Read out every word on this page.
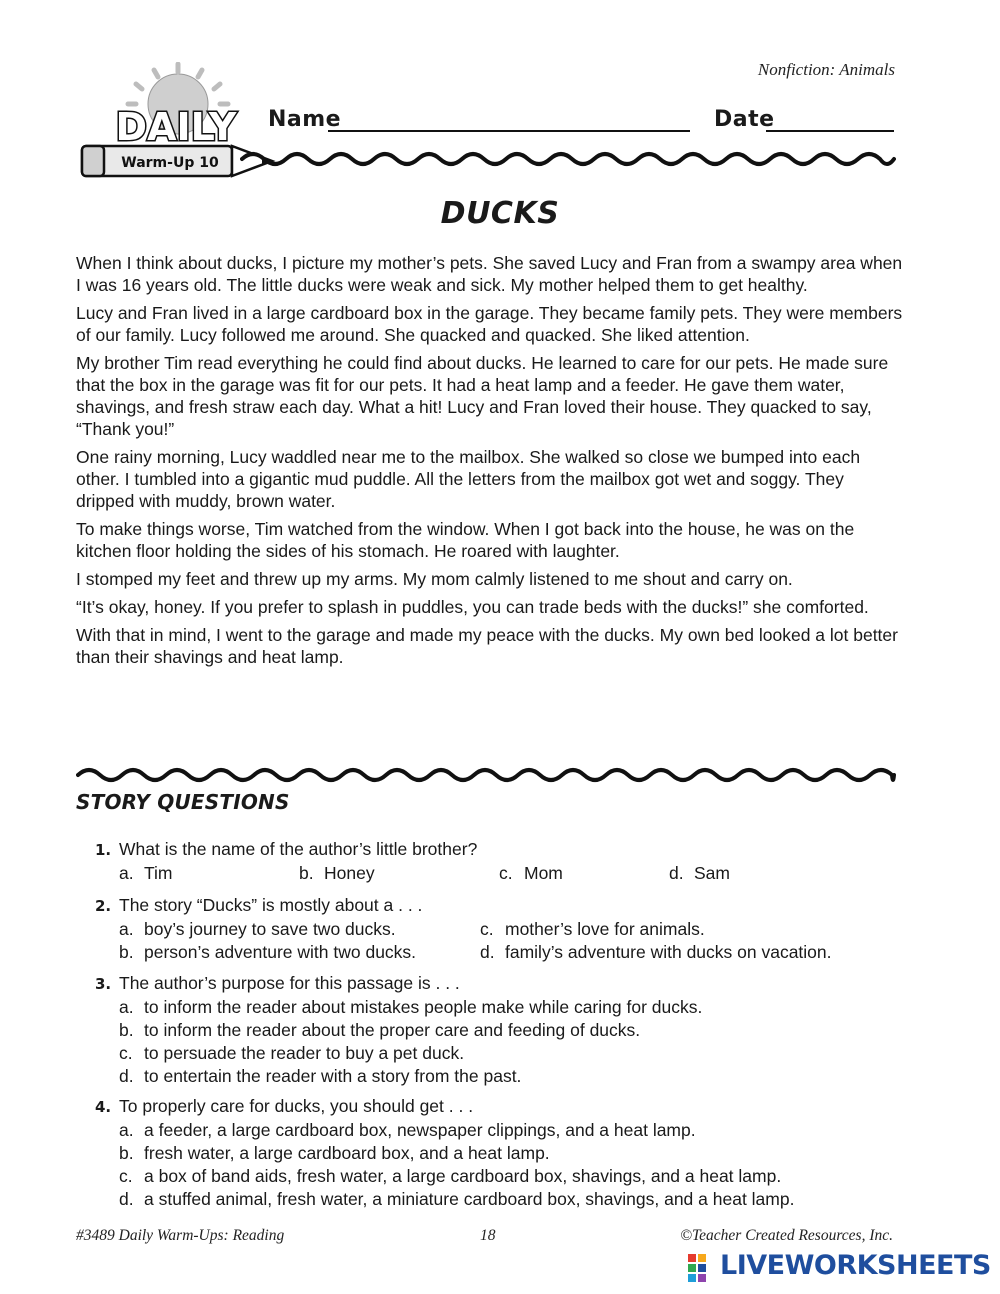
Nonfiction: Animals
DAILY
Warm-Up 10
Name	Date
DUCKS

When I think about ducks, I picture my mother’s pets. She saved Lucy and Fran from a swampy area when I was 16 years old. The little ducks were weak and sick. My mother helped them to get healthy.

Lucy and Fran lived in a large cardboard box in the garage. They became family pets. They were members of our family. Lucy followed me around. She quacked and quacked. She liked attention.

My brother Tim read everything he could find about ducks. He learned to care for our pets. He made sure that the box in the garage was fit for our pets. It had a heat lamp and a feeder. He gave them water, shavings, and fresh straw each day. What a hit! Lucy and Fran loved their house. They quacked to say, “Thank you!”

One rainy morning, Lucy waddled near me to the mailbox. She walked so close we bumped into each other. I tumbled into a gigantic mud puddle. All the letters from the mailbox got wet and soggy. They dripped with muddy, brown water.

To make things worse, Tim watched from the window. When I got back into the house, he was on the kitchen floor holding the sides of his stomach. He roared with laughter.

I stomped my feet and threw up my arms. My mom calmly listened to me shout and carry on.

“It’s okay, honey. If you prefer to splash in puddles, you can trade beds with the ducks!” she comforted.

With that in mind, I went to the garage and made my peace with the ducks. My own bed looked a lot better than their shavings and heat lamp.

STORY QUESTIONS
1. What is the name of the author’s little brother?
a. Tim	b. Honey	c. Mom	d. Sam
2. The story “Ducks” is mostly about a . . .
a. boy’s journey to save two ducks.	c. mother’s love for animals.
b. person’s adventure with two ducks.	d. family’s adventure with ducks on vacation.
3. The author’s purpose for this passage is . . .
a. to inform the reader about mistakes people make while caring for ducks.
b. to inform the reader about the proper care and feeding of ducks.
c. to persuade the reader to buy a pet duck.
d. to entertain the reader with a story from the past.
4. To properly care for ducks, you should get . . .
a. a feeder, a large cardboard box, newspaper clippings, and a heat lamp.
b. fresh water, a large cardboard box, and a heat lamp.
c. a box of band aids, fresh water, a large cardboard box, shavings, and a heat lamp.
d. a stuffed animal, fresh water, a miniature cardboard box, shavings, and a heat lamp.
#3489 Daily Warm-Ups: Reading	18	©Teacher Created Resources, Inc.
LIVEWORKSHEETS
